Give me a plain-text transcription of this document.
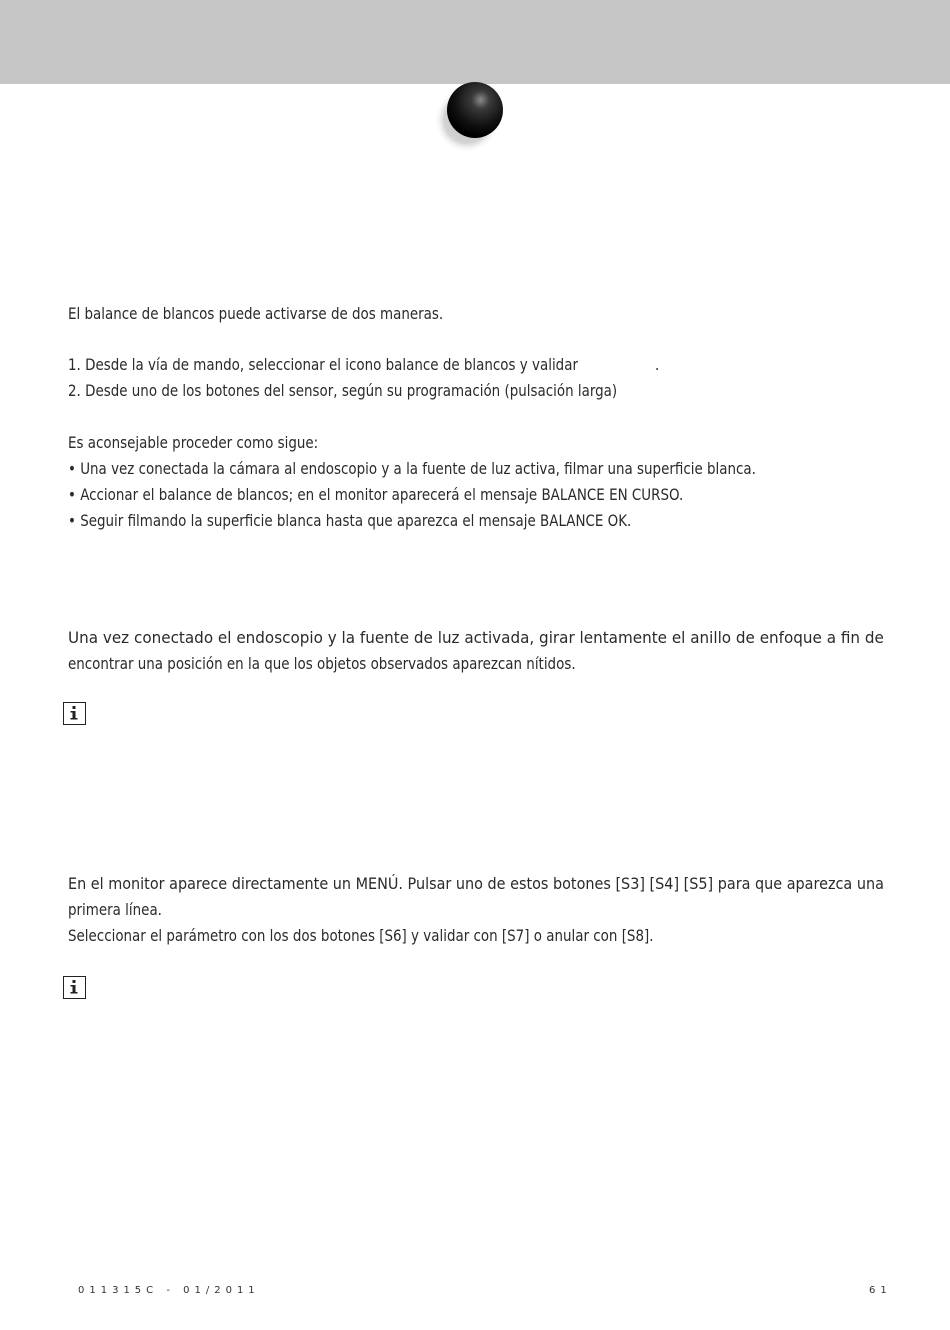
El balance de blancos puede activarse de dos maneras.
1. Desde la vía de mando, seleccionar el icono balance de blancos y validar	.
2. Desde uno de los botones del sensor, según su programación (pulsación larga)
Es aconsejable proceder como sigue:
• Una vez conectada la cámara al endoscopio y a la fuente de luz activa, filmar una superficie blanca.
• Accionar el balance de blancos; en el monitor aparecerá el mensaje BALANCE EN CURSO.
• Seguir filmando la superficie blanca hasta que aparezca el mensaje BALANCE OK.
Una vez conectado el endoscopio y la fuente de luz activada, girar lentamente el anillo de enfoque a fin de
encontrar una posición en la que los objetos observados aparezcan nítidos.
En el monitor aparece directamente un MENÚ. Pulsar uno de estos botones [S3] [S4] [S5] para que aparezca una
primera línea.
Seleccionar el parámetro con los dos botones [S6] y validar con [S7] o anular con [S8].
011315C - 01/2011	61
